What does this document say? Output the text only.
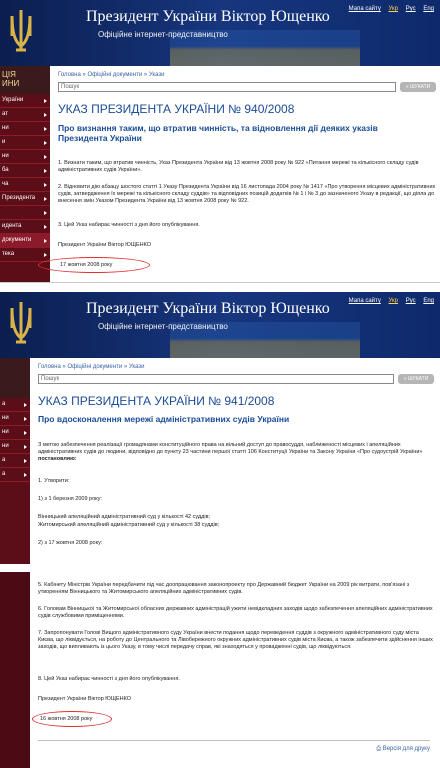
Президент України Віктор Ющенко
Офіційне інтернет-представництво
Мапа сайту Укр Рус Eng
ЦІЯ
ИНИ
України
ат
ни
и
ни
ба
ча
Президента
идента
документи
тека
Головна » Офіційні документи » Укази
Пошук	» ШУКАТИ
УКАЗ ПРЕЗИДЕНТА УКРАЇНИ № 940/2008
Про визнання таким, що втратив чинність, та відновлення дії деяких указів Президента України
1. Визнати таким, що втратив чинність, Указ Президента України від 13 жовтня 2008 року № 922 «Питання мережі та кількісного складу судів адміністративних судів України».
2. Відновити дію абзацу шостого статті 1 Указу Президента України від 16 листопада 2004 року № 1417 «Про утворення місцевих адміністративних судів, затвердження їх мережі та кількісного складу суддів» та відповідних позицій додатків № 1 і № 3 до зазначеного Указу в редакції, що діяла до внесення змін Указом Президента України від 13 жовтня 2008 року № 922.
3. Цей Указ набирає чинності з дня його опублікування.
Президент України Віктор ЮЩЕНКО
17 жовтня 2008 року
Президент України Віктор Ющенко
Офіційне інтернет-представництво
Мапа сайту Укр Рус Eng
а
ни
ни
ни
а
а
Головна » Офіційні документи » Укази
Пошук	» ШУКАТИ
УКАЗ ПРЕЗИДЕНТА УКРАЇНИ № 941/2008
Про вдосконалення мережі адміністративних судів України
З метою забезпечення реалізації громадянами конституційного права на вільний доступ до правосуддя, наближеності місцевих і апеляційних адміністративних судів до людини, відповідно до пункту 23 частини першої статті 106 Конституції України та Закону України «Про судоустрій України» постановляю:
1. Утворити:
1) з 1 березня 2009 року:
Вінницький апеляційний адміністративний суд у кількості 42 суддів;
Житомирський апеляційний адміністративний суд у кількості 38 суддів;
2) з 17 жовтня 2008 року:
5. Кабінету Міністрів України передбачити під час доопрацювання законопроекту про Державний бюджет України на 2009 рік витрати, пов'язані з утворенням Вінницького та Житомирського апеляційних адміністративних судів.
6. Головам Вінницької та Житомирської обласних державних адміністрацій ужити невідкладних заходів щодо забезпечення апеляційних адміністративних судів службовими приміщеннями.
7. Запропонувати Голові Вищого адміністративного суду України внести подання щодо переведення суддів з окружного адміністративного суду міста Києва, що ліквідується, на роботу до Центрального та Лівобережного окружних адміністративних судів міста Києва, а також забезпечити здійснення інших заходів, що випливають із цього Указу, в тому числі передачу справ, які знаходяться у провадженні судів, що ліквідуються.
8. Цей Указ набирає чинності з дня його опублікування.
Президент України Віктор ЮЩЕНКО
16 жовтня 2008 року
⎙ Версія для друку
